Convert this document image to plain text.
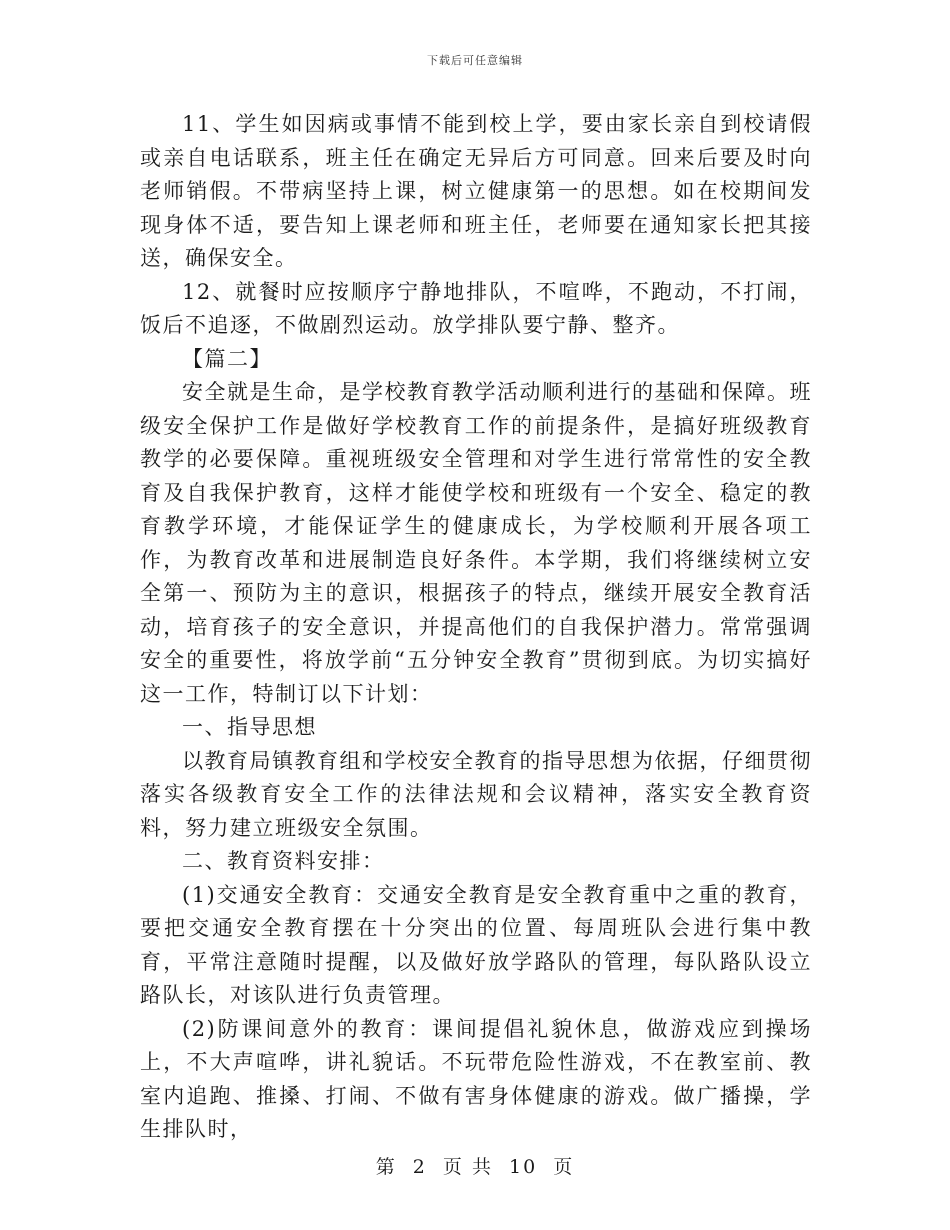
下载后可任意编辑

11、学生如因病或事情不能到校上学，要由家长亲自到校请假或亲自电话联系，班主任在确定无异后方可同意。回来后要及时向老师销假。不带病坚持上课，树立健康第一的思想。如在校期间发现身体不适，要告知上课老师和班主任，老师要在通知家长把其接送，确保安全。

12、就餐时应按顺序宁静地排队，不喧哗，不跑动，不打闹，饭后不追逐，不做剧烈运动。放学排队要宁静、整齐。

【篇二】

安全就是生命，是学校教育教学活动顺利进行的基础和保障。班级安全保护工作是做好学校教育工作的前提条件，是搞好班级教育教学的必要保障。重视班级安全管理和对学生进行常常性的安全教育及自我保护教育，这样才能使学校和班级有一个安全、稳定的教育教学环境，才能保证学生的健康成长，为学校顺利开展各项工作，为教育改革和进展制造良好条件。本学期，我们将继续树立安全第一、预防为主的意识，根据孩子的特点，继续开展安全教育活动，培育孩子的安全意识，并提高他们的自我保护潜力。常常强调安全的重要性，将放学前“五分钟安全教育”贯彻到底。为切实搞好这一工作，特制订以下计划：

一、指导思想

以教育局镇教育组和学校安全教育的指导思想为依据，仔细贯彻落实各级教育安全工作的法律法规和会议精神，落实安全教育资料，努力建立班级安全氛围。

二、教育资料安排：

(1)交通安全教育：交通安全教育是安全教育重中之重的教育，要把交通安全教育摆在十分突出的位置、每周班队会进行集中教育，平常注意随时提醒，以及做好放学路队的管理，每队路队设立路队长，对该队进行负责管理。

(2)防课间意外的教育：课间提倡礼貌休息，做游戏应到操场上，不大声喧哗，讲礼貌话。不玩带危险性游戏，不在教室前、教室内追跑、推搡、打闹、不做有害身体健康的游戏。做广播操，学生排队时，

第 2 页 共 10 页
